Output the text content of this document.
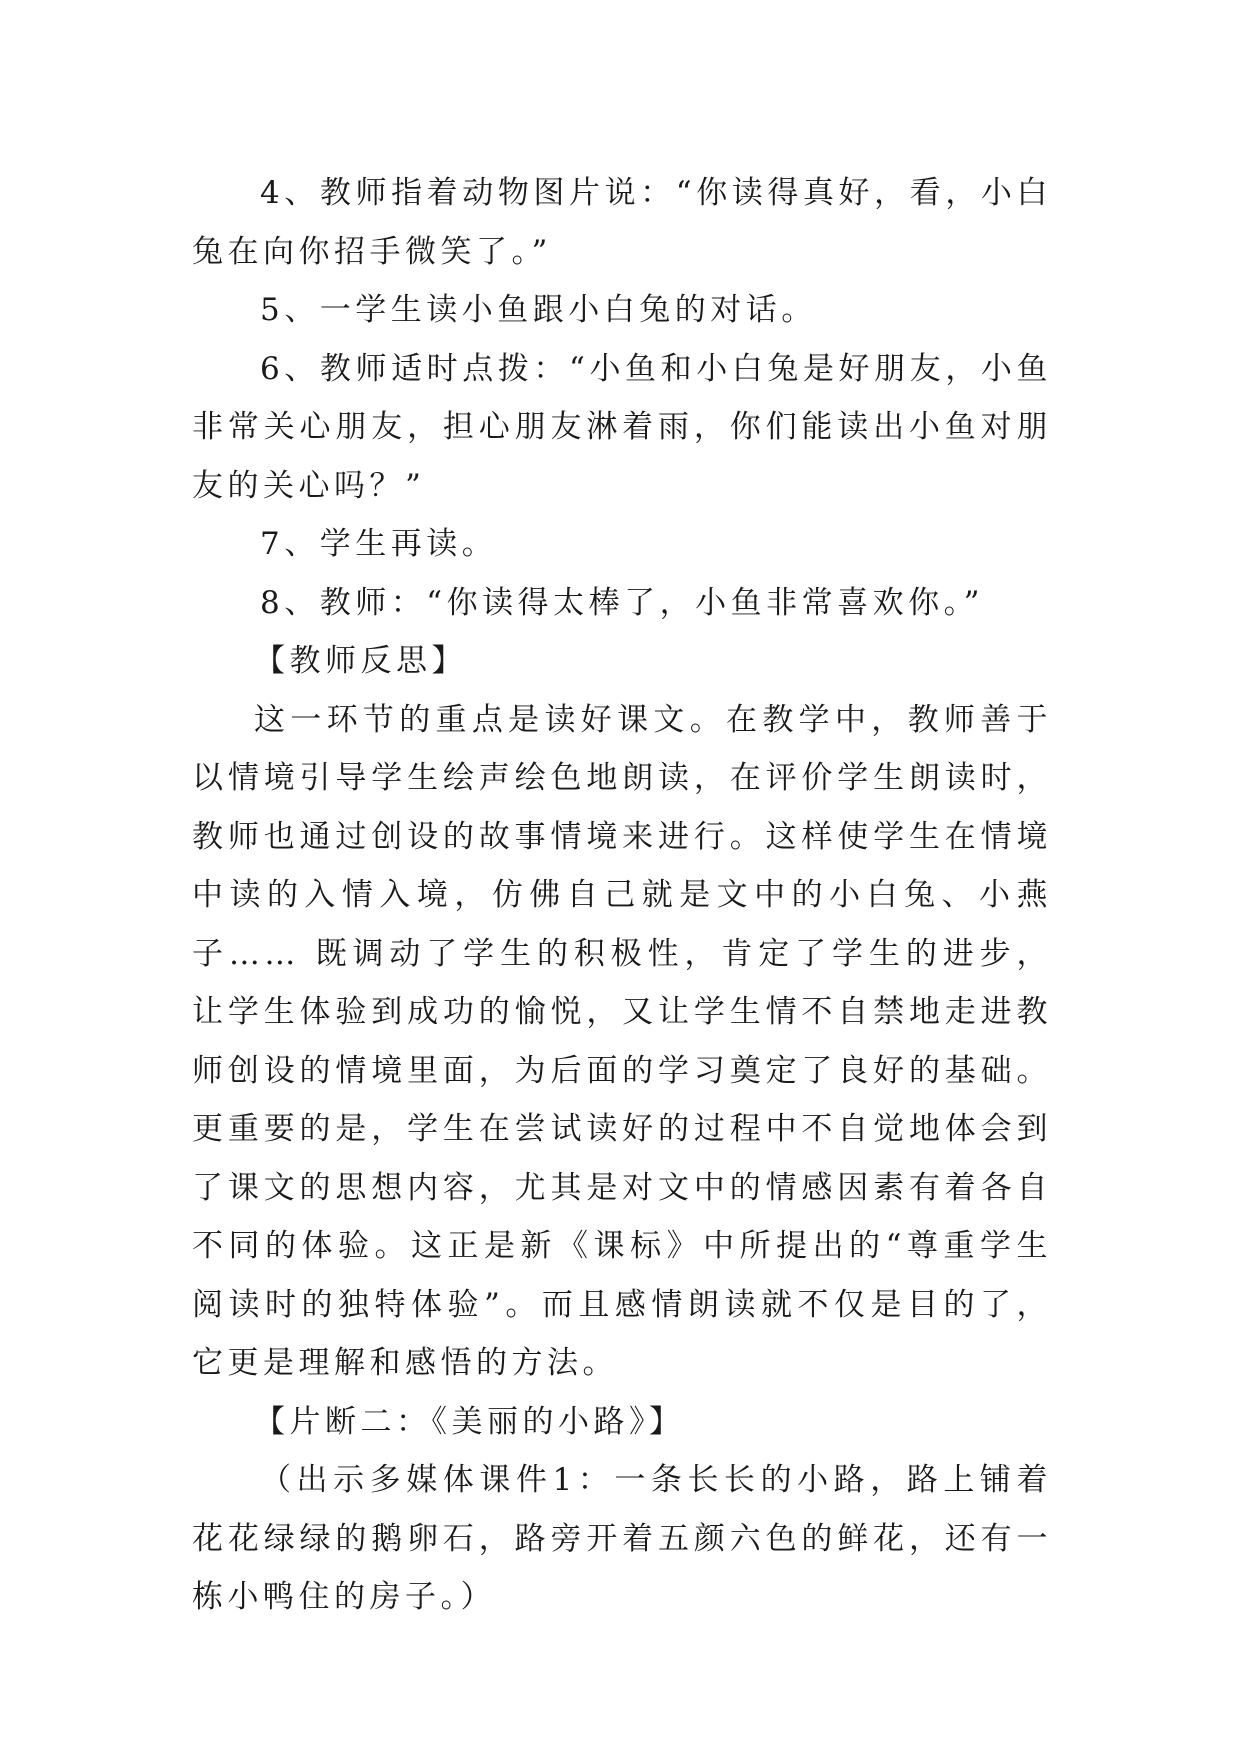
4、教师指着动物图片说：“你读得真好，看，小白兔在向你招手微笑了。”

5、一学生读小鱼跟小白兔的对话。

6、教师适时点拨：“小鱼和小白兔是好朋友，小鱼非常关心朋友，担心朋友淋着雨，你们能读出小鱼对朋友的关心吗？”

7、学生再读。

8、教师：“你读得太棒了，小鱼非常喜欢你。”

【教师反思】

这一环节的重点是读好课文。在教学中，教师善于以情境引导学生绘声绘色地朗读，在评价学生朗读时，教师也通过创设的故事情境来进行。这样使学生在情境中读的入情入境，仿佛自己就是文中的小白兔、小燕子…… 既调动了学生的积极性，肯定了学生的进步，让学生体验到成功的愉悦，又让学生情不自禁地走进教师创设的情境里面，为后面的学习奠定了良好的基础。更重要的是，学生在尝试读好的过程中不自觉地体会到了课文的思想内容，尤其是对文中的情感因素有着各自不同的体验。这正是新《课标》中所提出的“尊重学生阅读时的独特体验”。而且感情朗读就不仅是目的了，它更是理解和感悟的方法。

【片断二：《美丽的小路》】

（出示多媒体课件1：一条长长的小路，路上铺着花花绿绿的鹅卵石，路旁开着五颜六色的鲜花，还有一栋小鸭住的房子。）
